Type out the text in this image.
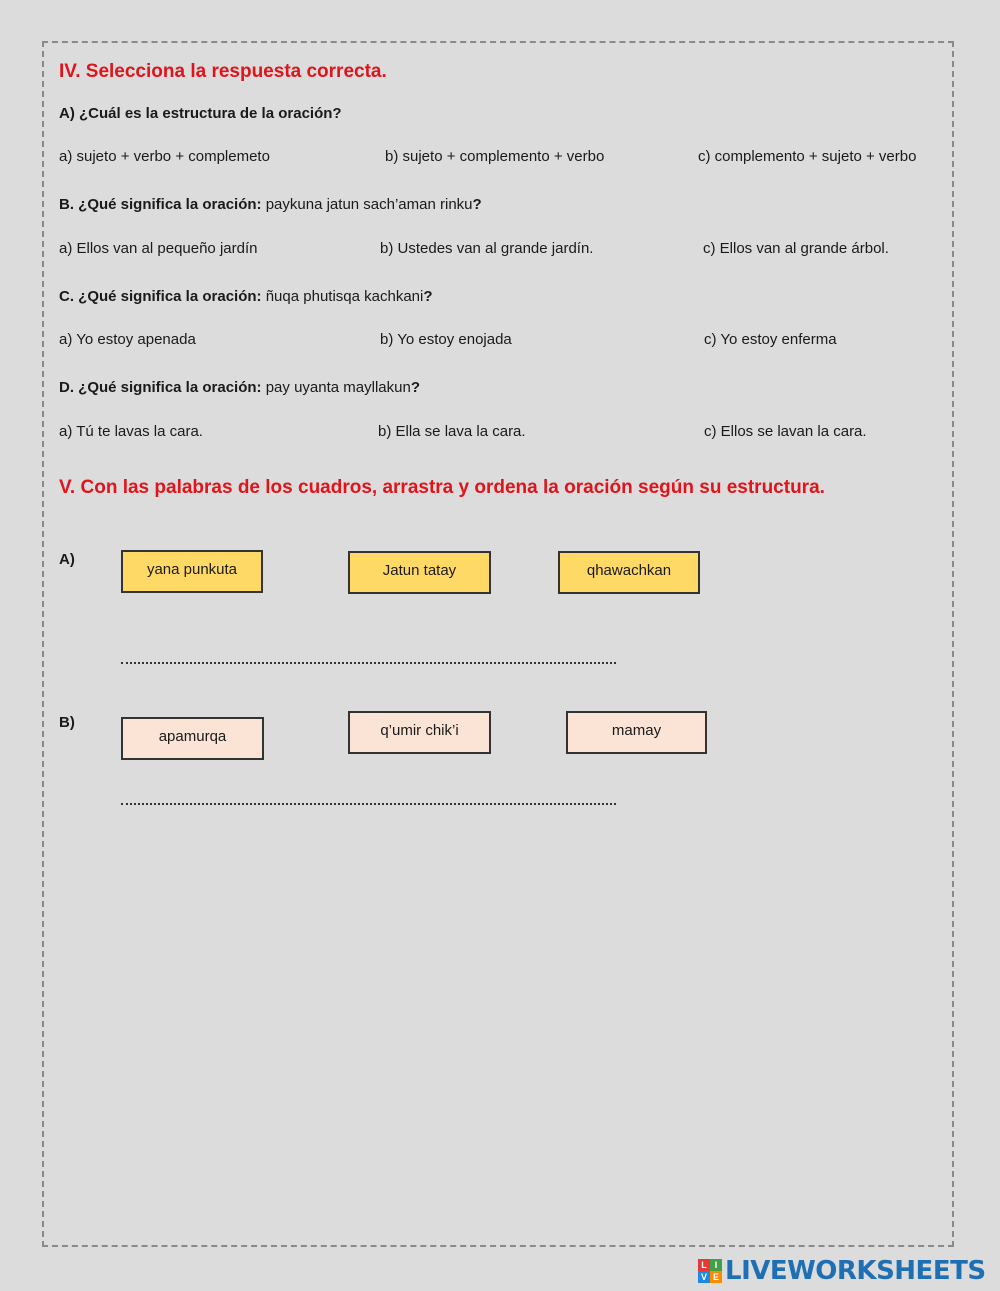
IV. Selecciona la respuesta correcta.
A) ¿Cuál es la estructura de la oración?
a) sujeto + verbo + complemeto	b) sujeto + complemento + verbo	c) complemento + sujeto + verbo
B. ¿Qué significa la oración: paykuna jatun sach’aman rinku?
a) Ellos van al pequeño jardín	b) Ustedes van al grande jardín.	c) Ellos van al grande árbol.
C. ¿Qué significa la oración: ñuqa phutisqa kachkani?
a) Yo estoy apenada	b) Yo estoy enojada	c) Yo estoy enferma
D. ¿Qué significa la oración: pay uyanta mayllakun?
a) Tú te lavas la cara.	b) Ella se lava la cara.	c) Ellos se lavan la cara.
V. Con las palabras de los cuadros, arrastra y ordena la oración según su estructura.
A)
yana punkuta	Jatun tatay	qhawachkan
B)
apamurqa	q’umir chik’i	mamay
L I
V E LIVEWORKSHEETS
